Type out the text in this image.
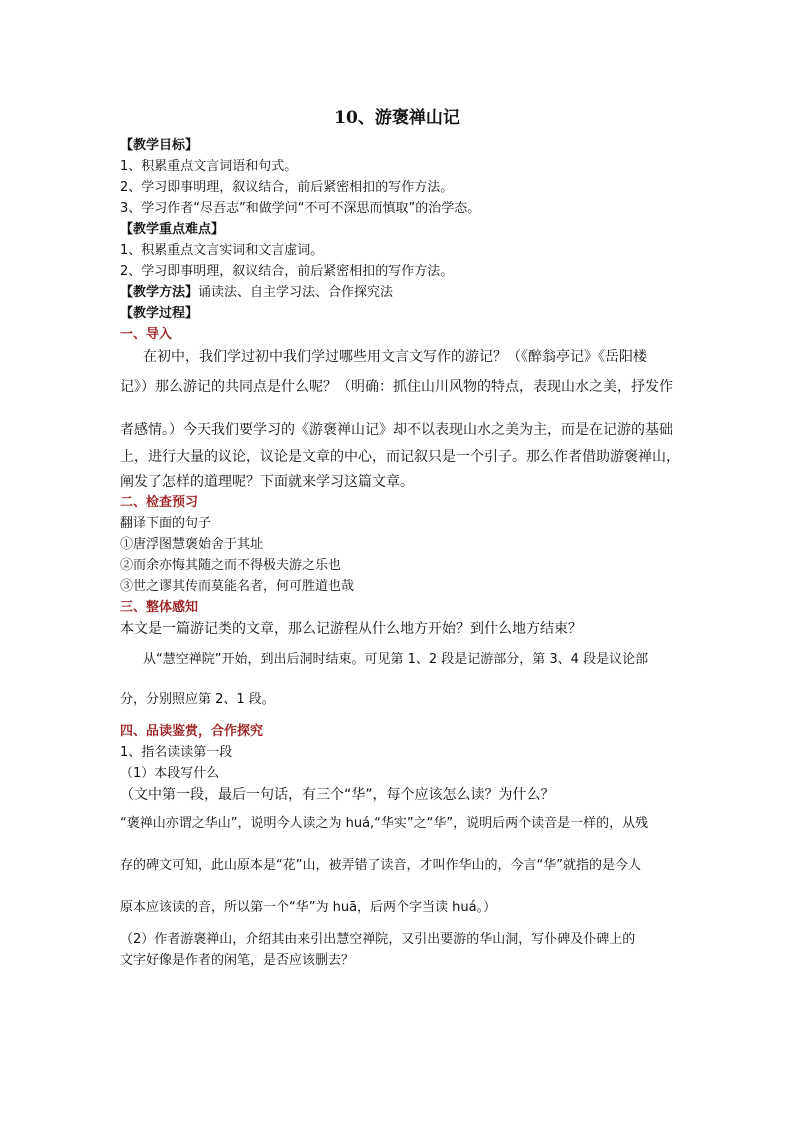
10、游褒禅山记
【教学目标】
1、积累重点文言词语和句式。
2、学习即事明理，叙议结合，前后紧密相扣的写作方法。
3、学习作者“尽吾志”和做学问“不可不深思而慎取”的治学态。
【教学重点难点】
1、积累重点文言实词和文言虚词。
2、学习即事明理，叙议结合，前后紧密相扣的写作方法。
【教学方法】诵读法、自主学习法、合作探究法
【教学过程】
一、导入
在初中，我们学过初中我们学过哪些用文言文写作的游记？（《醉翁亭记》《岳阳楼
记》）那么游记的共同点是什么呢？（明确：抓住山川风物的特点，表现山水之美，抒发作
者感情。）今天我们要学习的《游褒禅山记》却不以表现山水之美为主，而是在记游的基础
上，进行大量的议论，议论是文章的中心，而记叙只是一个引子。那么作者借助游褒禅山，
阐发了怎样的道理呢？下面就来学习这篇文章。
二、检查预习
翻译下面的句子
①唐浮图慧褒始舍于其址
②而余亦悔其随之而不得极夫游之乐也
③世之谬其传而莫能名者，何可胜道也哉
三、整体感知
本文是一篇游记类的文章，那么记游程从什么地方开始？到什么地方结束？
从“慧空禅院”开始，到出后洞时结束。可见第 1、2 段是记游部分，第 3、4 段是议论部
分，分别照应第 2、1 段。
四、品读鉴赏，合作探究
1、指名读读第一段
（1）本段写什么
（文中第一段，最后一句话，有三个“华”，每个应该怎么读？为什么？
“褒禅山亦谓之华山”，说明今人读之为 huá,“华实”之“华”，说明后两个读音是一样的，从残
存的碑文可知，此山原本是“花”山，被弄错了读音，才叫作华山的，今言“华”就指的是今人
原本应该读的音，所以第一个“华”为 huā，后两个字当读 huá。）
（2）作者游褒禅山，介绍其由来引出慧空禅院，又引出要游的华山洞，写仆碑及仆碑上的
文字好像是作者的闲笔，是否应该删去？
